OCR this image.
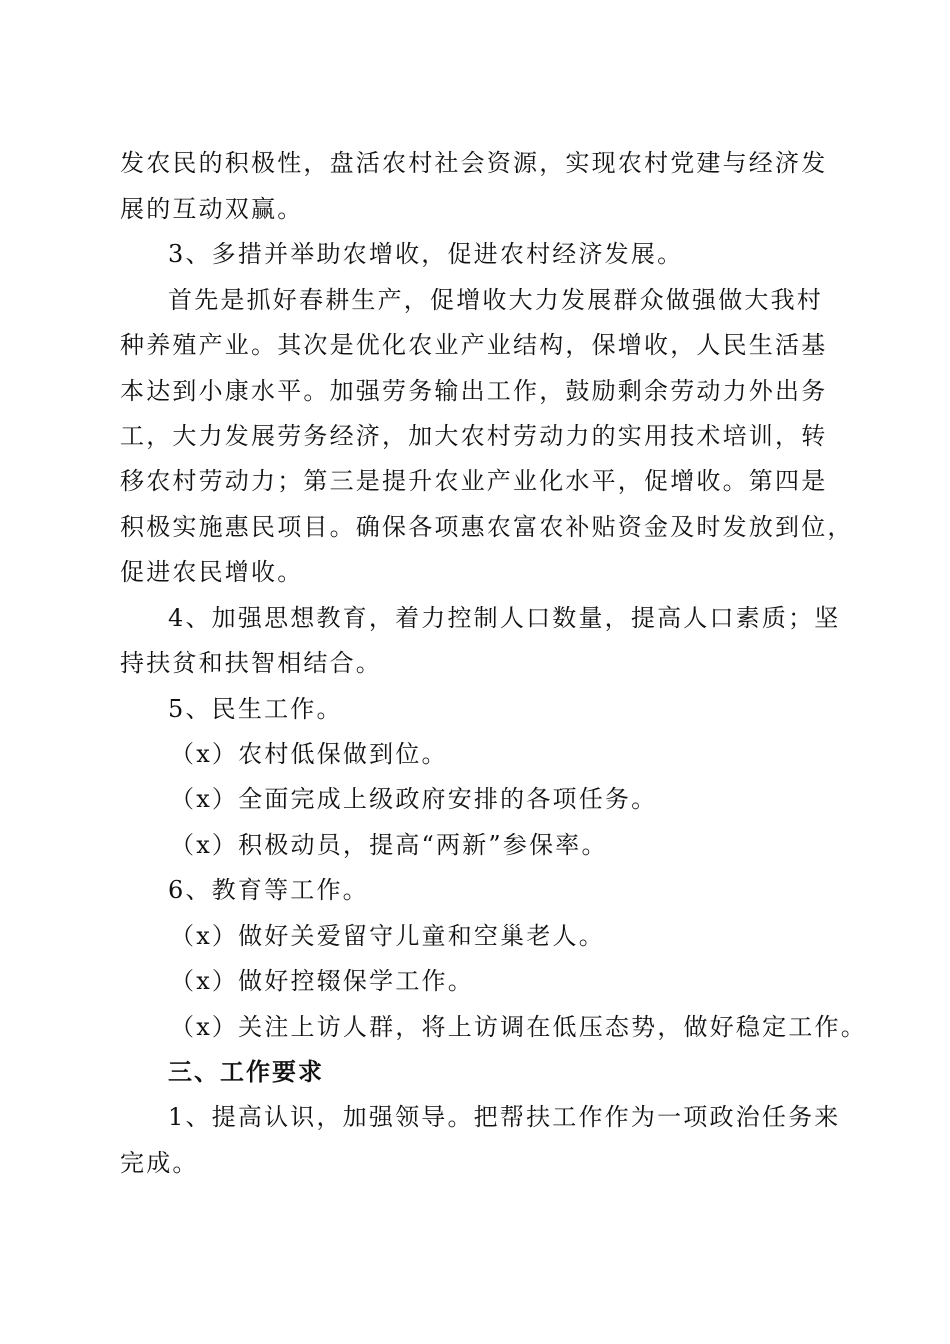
发农民的积极性，盘活农村社会资源，实现农村党建与经济发
展的互动双赢。
3、多措并举助农增收，促进农村经济发展。
首先是抓好春耕生产，促增收大力发展群众做强做大我村
种养殖产业。其次是优化农业产业结构，保增收，人民生活基
本达到小康水平。加强劳务输出工作，鼓励剩余劳动力外出务
工，大力发展劳务经济，加大农村劳动力的实用技术培训，转
移农村劳动力；第三是提升农业产业化水平，促增收。第四是
积极实施惠民项目。确保各项惠农富农补贴资金及时发放到位，
促进农民增收。
4、加强思想教育，着力控制人口数量，提高人口素质；坚
持扶贫和扶智相结合。
5、民生工作。
（x）农村低保做到位。
（x）全面完成上级政府安排的各项任务。
（x）积极动员，提高“两新”参保率。
6、教育等工作。
（x）做好关爱留守儿童和空巢老人。
（x）做好控辍保学工作。
（x）关注上访人群，将上访调在低压态势，做好稳定工作。
三、工作要求
1、提高认识，加强领导。把帮扶工作作为一项政治任务来
完成。
